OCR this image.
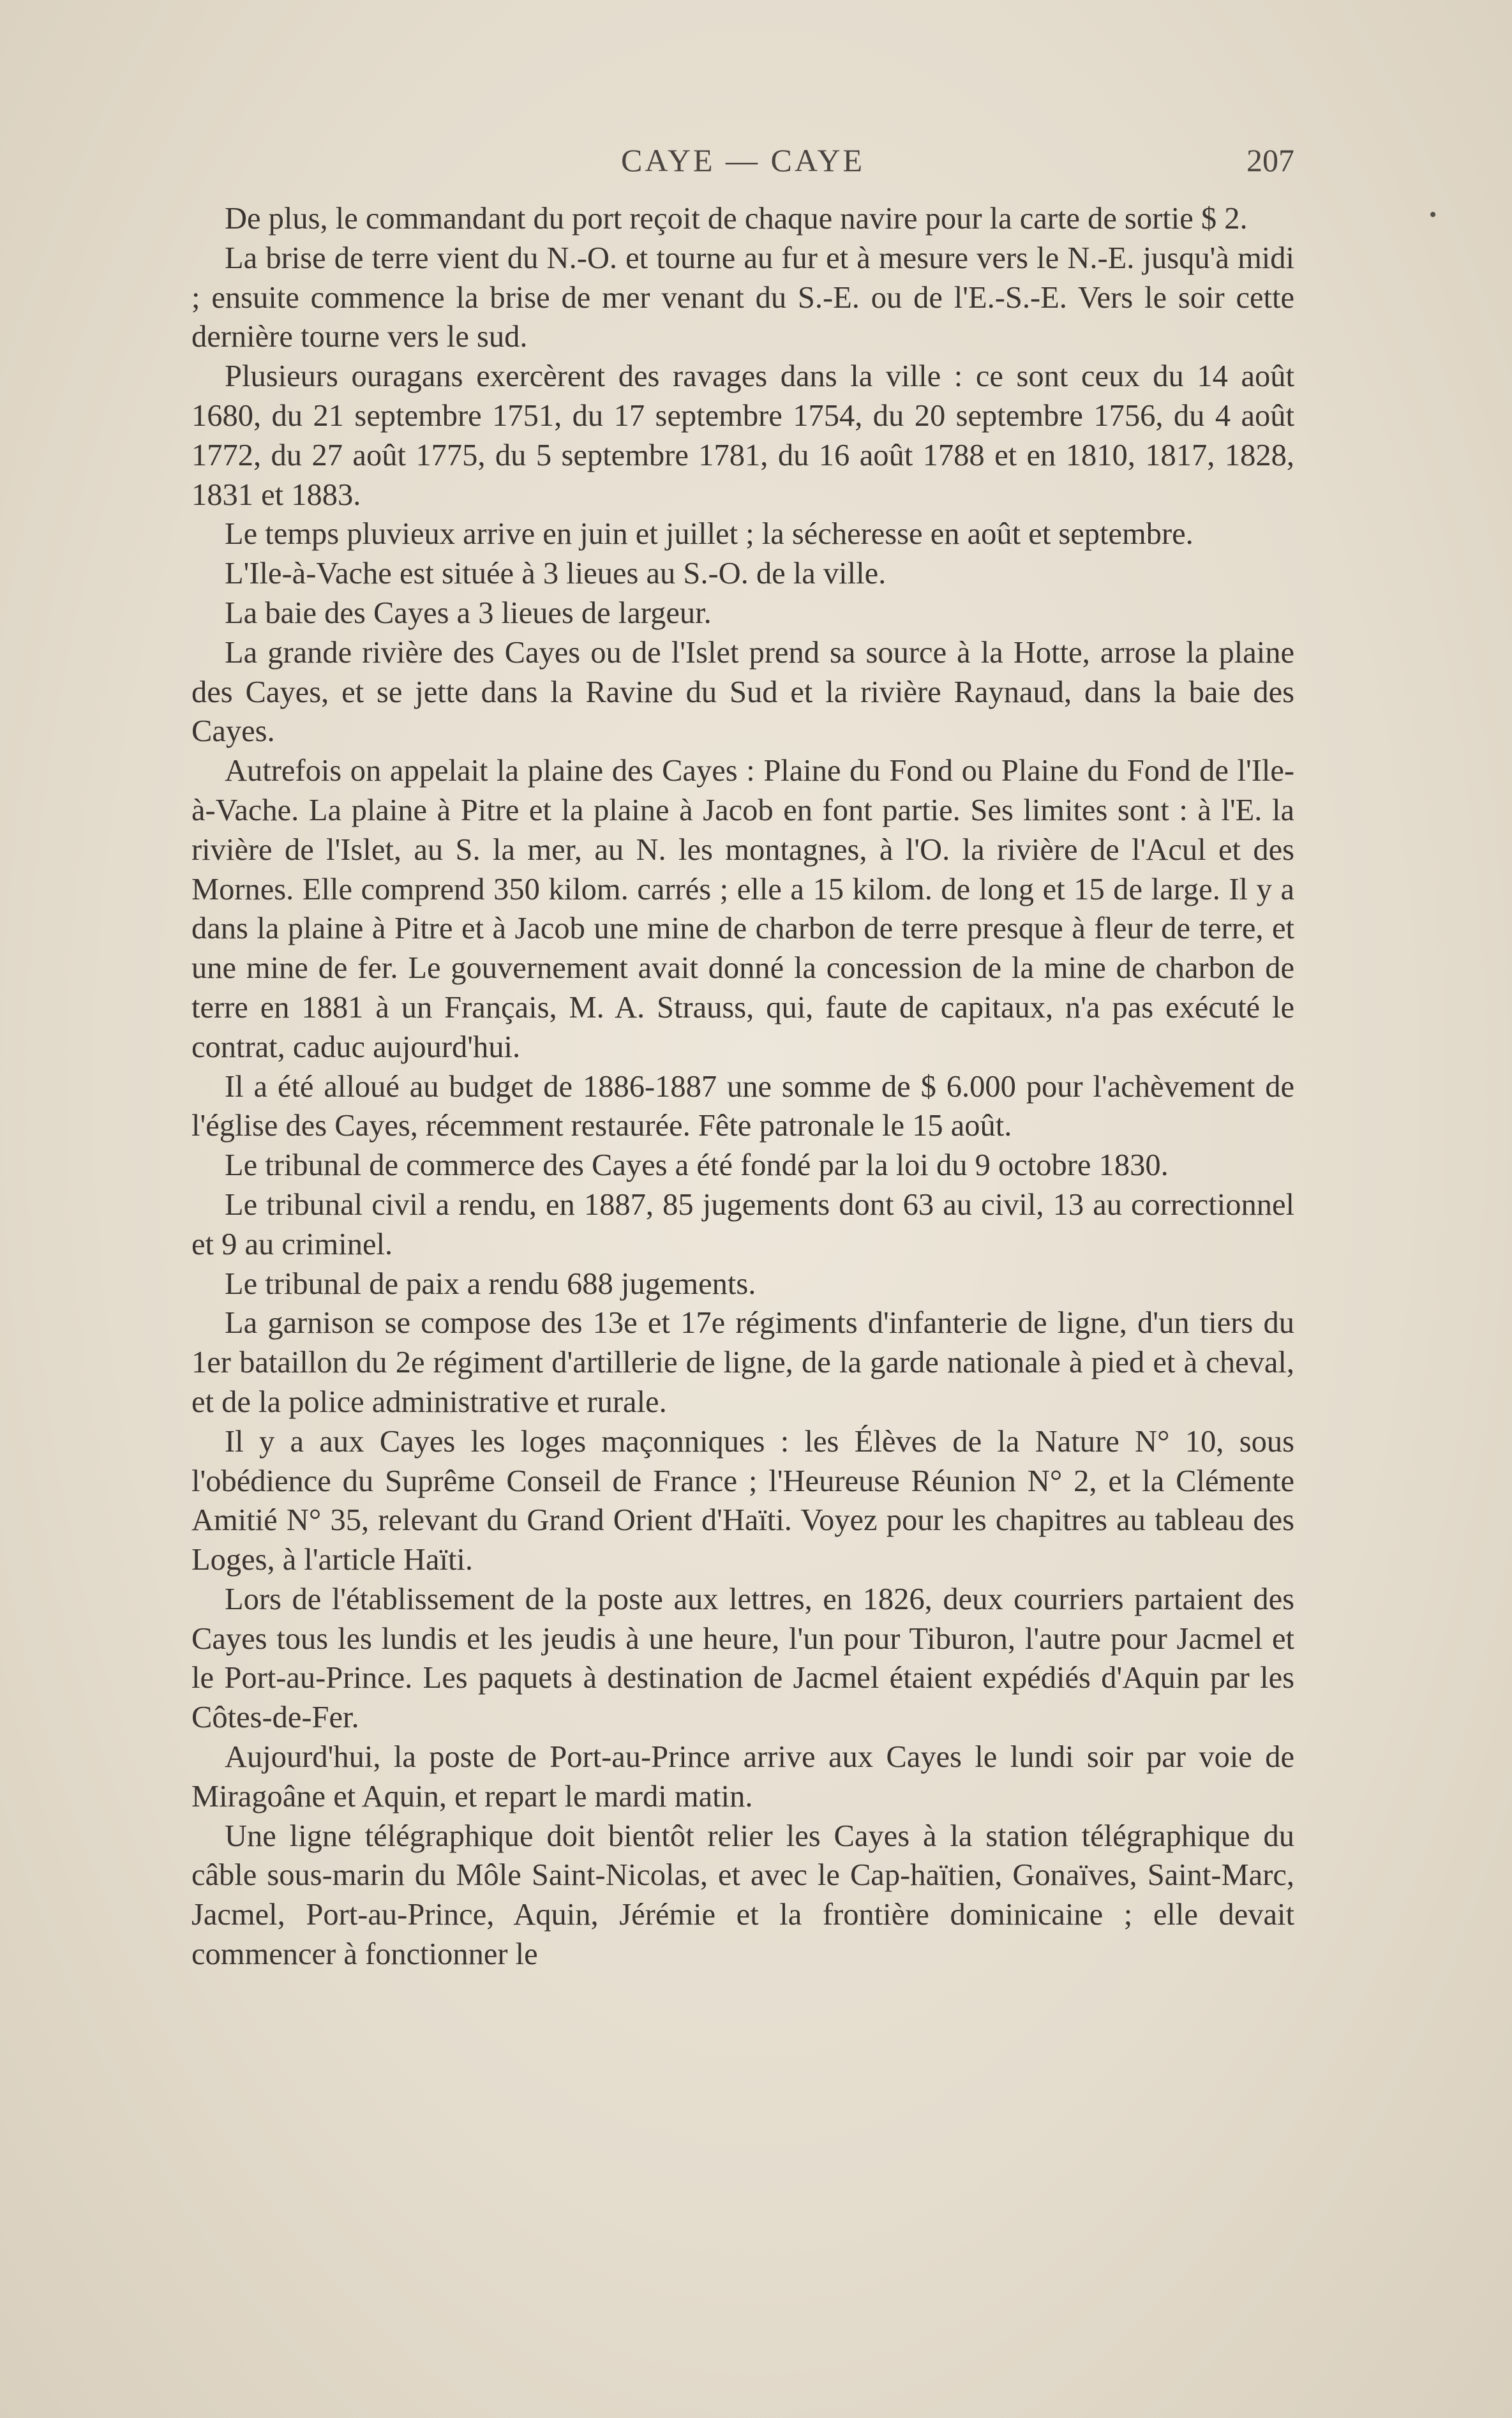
CAYE — CAYE	207
•

De plus, le commandant du port reçoit de chaque navire pour la carte de sortie $ 2.

La brise de terre vient du N.-O. et tourne au fur et à mesure vers le N.-E. jusqu'à midi ; ensuite commence la brise de mer venant du S.-E. ou de l'E.-S.-E. Vers le soir cette dernière tourne vers le sud.

Plusieurs ouragans exercèrent des ravages dans la ville : ce sont ceux du 14 août 1680, du 21 septembre 1751, du 17 septembre 1754, du 20 septembre 1756, du 4 août 1772, du 27 août 1775, du 5 septembre 1781, du 16 août 1788 et en 1810, 1817, 1828, 1831 et 1883.

Le temps pluvieux arrive en juin et juillet ; la sécheresse en août et septembre.

L'Ile-à-Vache est située à 3 lieues au S.-O. de la ville.

La baie des Cayes a 3 lieues de largeur.

La grande rivière des Cayes ou de l'Islet prend sa source à la Hotte, arrose la plaine des Cayes, et se jette dans la Ravine du Sud et la rivière Raynaud, dans la baie des Cayes.

Autrefois on appelait la plaine des Cayes : Plaine du Fond ou Plaine du Fond de l'Ile-à-Vache. La plaine à Pitre et la plaine à Jacob en font partie. Ses limites sont : à l'E. la rivière de l'Islet, au S. la mer, au N. les montagnes, à l'O. la rivière de l'Acul et des Mornes. Elle comprend 350 kilom. carrés ; elle a 15 kilom. de long et 15 de large. Il y a dans la plaine à Pitre et à Jacob une mine de charbon de terre presque à fleur de terre, et une mine de fer. Le gouvernement avait donné la concession de la mine de charbon de terre en 1881 à un Français, M. A. Strauss, qui, faute de capitaux, n'a pas exécuté le contrat, caduc aujourd'hui.

Il a été alloué au budget de 1886-1887 une somme de $ 6.000 pour l'achèvement de l'église des Cayes, récemment restaurée. Fête patronale le 15 août.

Le tribunal de commerce des Cayes a été fondé par la loi du 9 octobre 1830.

Le tribunal civil a rendu, en 1887, 85 jugements dont 63 au civil, 13 au correctionnel et 9 au criminel.

Le tribunal de paix a rendu 688 jugements.

La garnison se compose des 13e et 17e régiments d'infanterie de ligne, d'un tiers du 1er bataillon du 2e régiment d'artillerie de ligne, de la garde nationale à pied et à cheval, et de la police administrative et rurale.

Il y a aux Cayes les loges maçonniques : les Élèves de la Nature N° 10, sous l'obédience du Suprême Conseil de France ; l'Heureuse Réunion N° 2, et la Clémente Amitié N° 35, relevant du Grand Orient d'Haïti. Voyez pour les chapitres au tableau des Loges, à l'article Haïti.

Lors de l'établissement de la poste aux lettres, en 1826, deux courriers partaient des Cayes tous les lundis et les jeudis à une heure, l'un pour Tiburon, l'autre pour Jacmel et le Port-au-Prince. Les paquets à destination de Jacmel étaient expédiés d'Aquin par les Côtes-de-Fer.

Aujourd'hui, la poste de Port-au-Prince arrive aux Cayes le lundi soir par voie de Miragoâne et Aquin, et repart le mardi matin.

Une ligne télégraphique doit bientôt relier les Cayes à la station télégraphique du câble sous-marin du Môle Saint-Nicolas, et avec le Cap-haïtien, Gonaïves, Saint-Marc, Jacmel, Port-au-Prince, Aquin, Jérémie et la frontière dominicaine ; elle devait commencer à fonctionner le
